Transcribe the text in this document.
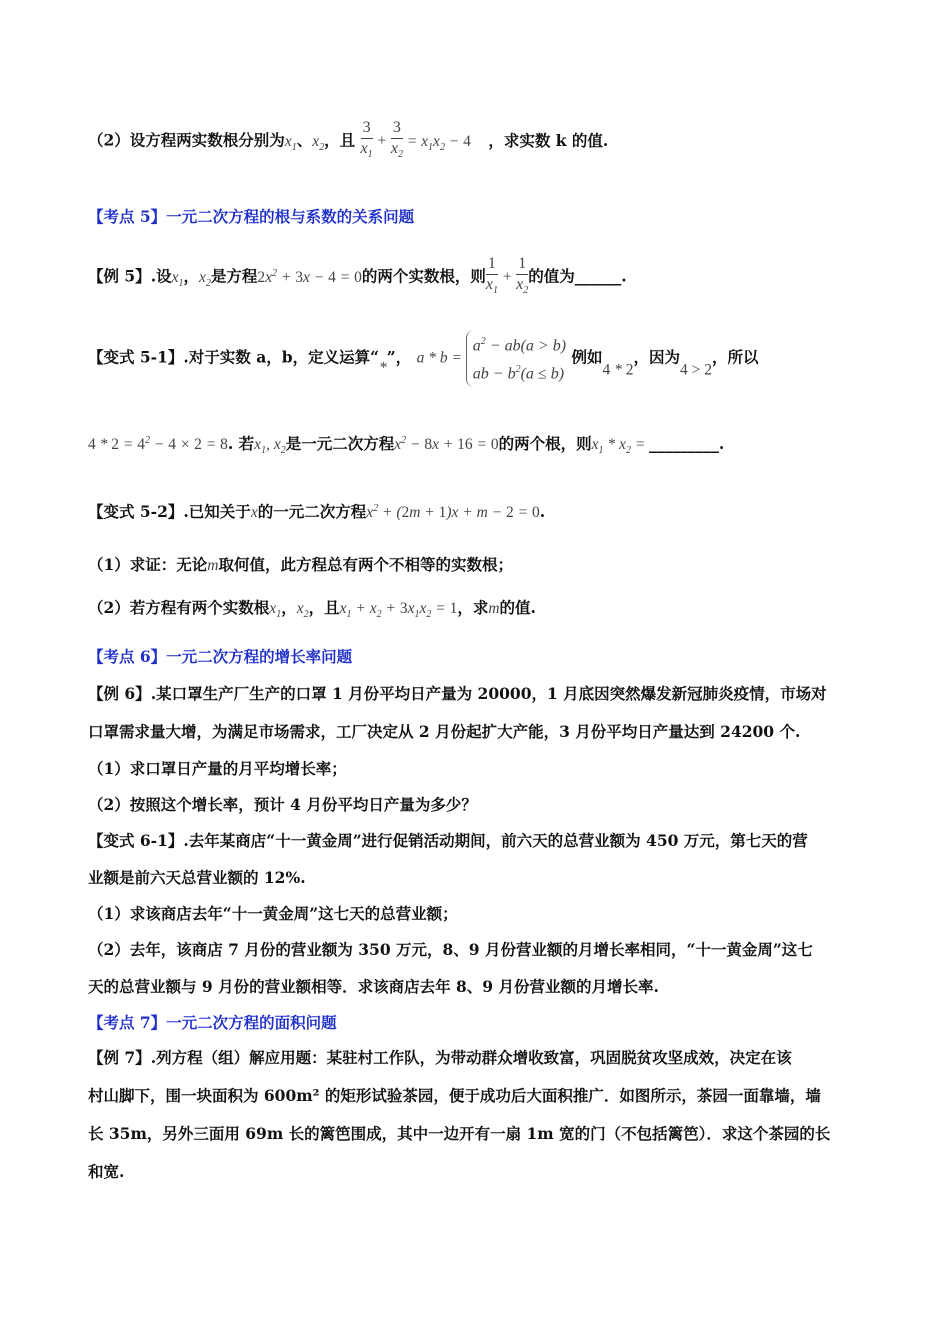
（2）设方程两实数根分别为$x_1$、$x_2$，且 $\frac{3}{x_1} + \frac{3}{x_2} = x_1x_2 - 4$ ，求实数 k 的值.
【考点 5】一元二次方程的根与系数的关系问题
【例 5】.设$x_1$，$x_2$是方程$2x^2 + 3x - 4 = 0$的两个实数根，则 $\frac{1}{x_1} + \frac{1}{x_2}$ 的值为______.
【变式 5-1】.对于实数 a，b，定义运算“*”， $a * b = a^2 - ab(a > b)$
ab − $b^2(a \le b)$ 例如4 * 2，因为4 > 2，所以
$4 * 2 = 4^2 - 4 \times 2 = 8$. 若$x_1$, $x_2$是一元二次方程$x^2 - 8x + 16 = 0$的两个根，则$x_1 * x_2$ = _________.
【变式 5-2】.已知关于x的一元二次方程$x^2 + (2m + 1)x + m - 2 = 0$.
（1）求证：无论m取何值，此方程总有两个不相等的实数根；
（2）若方程有两个实数根$x_1$，$x_2$，且$x_1 + x_2 + 3x_1x_2 = 1$，求m的值.
【考点 6】一元二次方程的增长率问题
【例 6】.某口罩生产厂生产的口罩 1 月份平均日产量为 20000，1 月底因突然爆发新冠肺炎疫情，市场对
口罩需求量大增，为满足市场需求，工厂决定从 2 月份起扩大产能，3 月份平均日产量达到 24200 个.
（1）求口罩日产量的月平均增长率；
（2）按照这个增长率，预计 4 月份平均日产量为多少？
【变式 6-1】.去年某商店“十一黄金周”进行促销活动期间，前六天的总营业额为 450 万元，第七天的营
业额是前六天总营业额的 12%.
（1）求该商店去年“十一黄金周”这七天的总营业额；
（2）去年，该商店 7 月份的营业额为 350 万元，8、9 月份营业额的月增长率相同，“十一黄金周”这七
天的总营业额与 9 月份的营业额相等．求该商店去年 8、9 月份营业额的月增长率.
【考点 7】一元二次方程的面积问题
【例 7】.列方程（组）解应用题：某驻村工作队，为带动群众增收致富，巩固脱贫攻坚成效，决定在该
村山脚下，围一块面积为 600m² 的矩形试验茶园，便于成功后大面积推广．如图所示，茶园一面靠墙，墙
长 35m，另外三面用 69m 长的篱笆围成，其中一边开有一扇 1m 宽的门（不包括篱笆）．求这个茶园的长
和宽.
